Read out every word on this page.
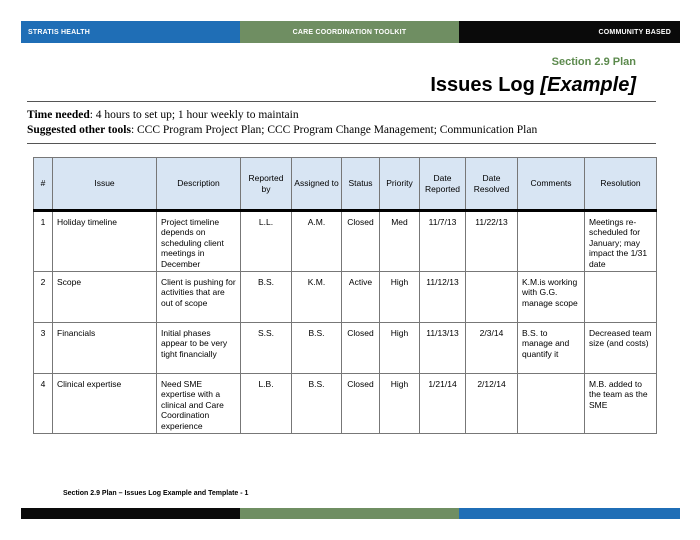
STRATIS HEALTH	CARE COORDINATION TOOLKIT	COMMUNITY BASED
Section 2.9 Plan
Issues Log [Example]
Time needed: 4 hours to set up; 1 hour weekly to maintain
Suggested other tools: CCC Program Project Plan; CCC Program Change Management; Communication Plan
#	Issue	Description	Reported by	Assigned to	Status	Priority	Date Reported	Date Resolved	Comments	Resolution
1	Holiday timeline	Project timeline depends on scheduling client meetings in December	L.L.	A.M.	Closed	Med	11/7/13	11/22/13		Meetings re-scheduled for January; may impact the 1/31 date
2	Scope	Client is pushing for activities that are out of scope	B.S.	K.M.	Active	High	11/12/13		K.M.is working with G.G. manage scope	
3	Financials	Initial phases appear to be very tight financially	S.S.	B.S.	Closed	High	11/13/13	2/3/14	B.S. to manage and quantify it	Decreased team size (and costs)
4	Clinical expertise	Need SME expertise with a clinical and Care Coordination experience	L.B.	B.S.	Closed	High	1/21/14	2/12/14		M.B. added to the team as the SME
Section 2.9 Plan – Issues Log Example and Template - 1
